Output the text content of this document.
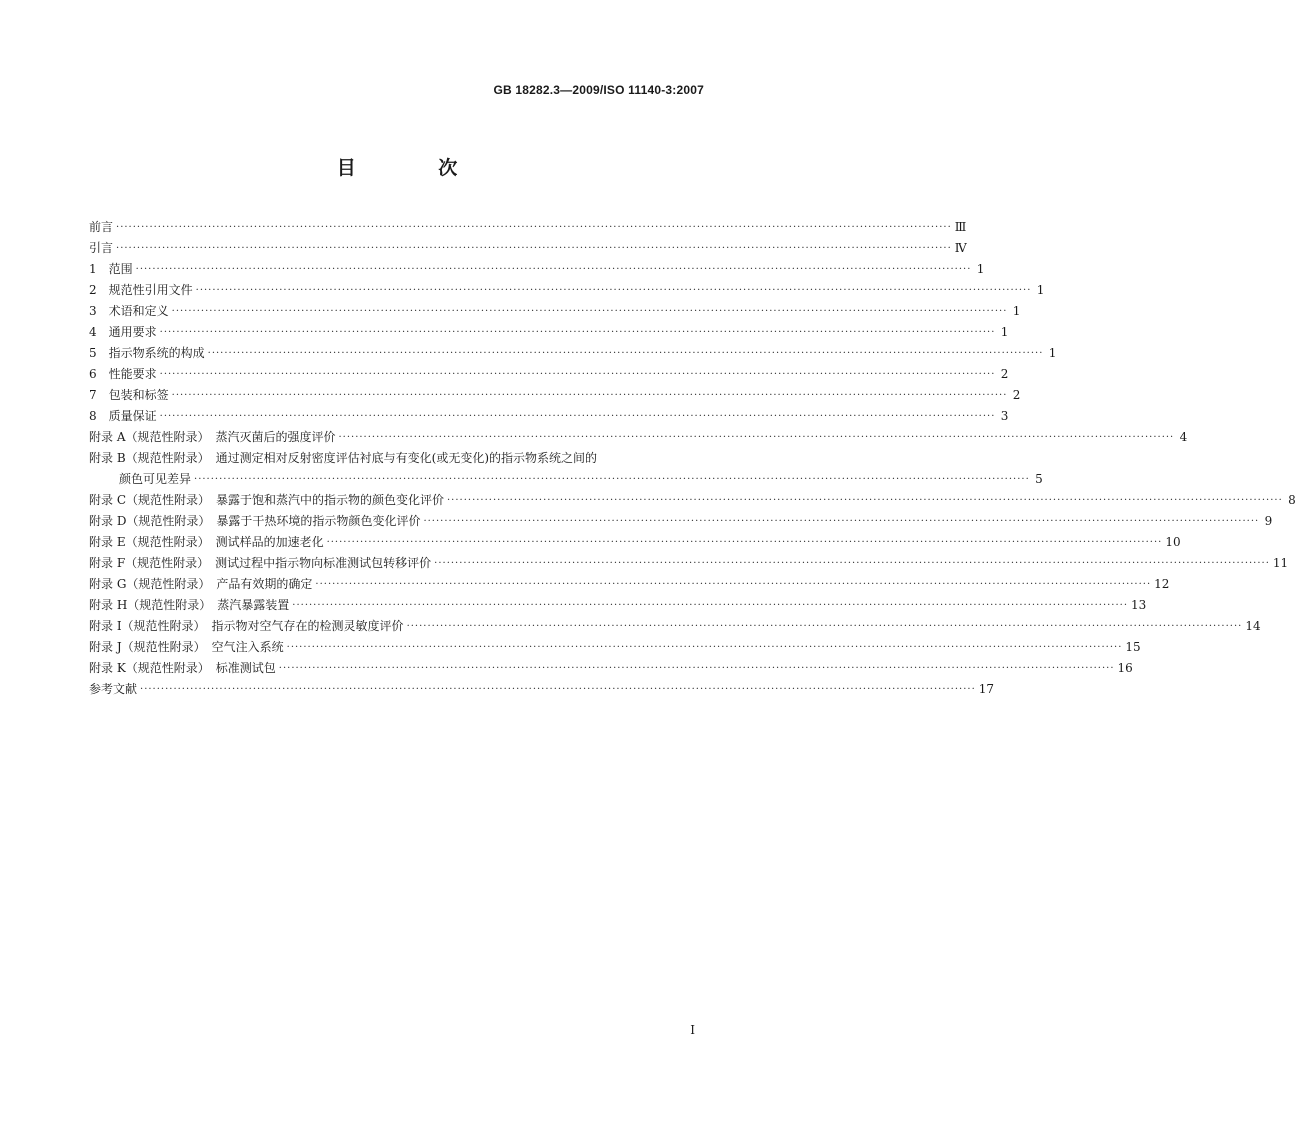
GB 18282.3—2009/ISO 11140-3:2007
目 次
前言 ········································································································································································································ Ⅲ
引言 ········································································································································································································ Ⅳ
1　范围 ········································································································································································································ 1
2　规范性引用文件 ········································································································································································································ 1
3　术语和定义 ········································································································································································································ 1
4　通用要求 ········································································································································································································ 1
5　指示物系统的构成 ········································································································································································································ 1
6　性能要求 ········································································································································································································ 2
7　包装和标签 ········································································································································································································ 2
8　质量保证 ········································································································································································································ 3
附录 A（规范性附录）　蒸汽灭菌后的强度评价 ········································································································································································································ 4
附录 B（规范性附录）　通过测定相对反射密度评估衬底与有变化(或无变化)的指示物系统之间的
颜色可见差异 ········································································································································································································ 5
附录 C（规范性附录）　暴露于饱和蒸汽中的指示物的颜色变化评价 ········································································································································································································ 8
附录 D（规范性附录）　暴露于干热环境的指示物颜色变化评价 ········································································································································································································ 9
附录 E（规范性附录）　测试样品的加速老化 ········································································································································································································ 10
附录 F（规范性附录）　测试过程中指示物向标准测试包转移评价 ········································································································································································································ 11
附录 G（规范性附录）　产品有效期的确定 ········································································································································································································ 12
附录 H（规范性附录）　蒸汽暴露装置 ········································································································································································································ 13
附录 I（规范性附录）　指示物对空气存在的检测灵敏度评价 ········································································································································································································ 14
附录 J（规范性附录）　空气注入系统 ········································································································································································································ 15
附录 K（规范性附录）　标准测试包 ········································································································································································································ 16
参考文献 ········································································································································································································ 17
Ⅰ
